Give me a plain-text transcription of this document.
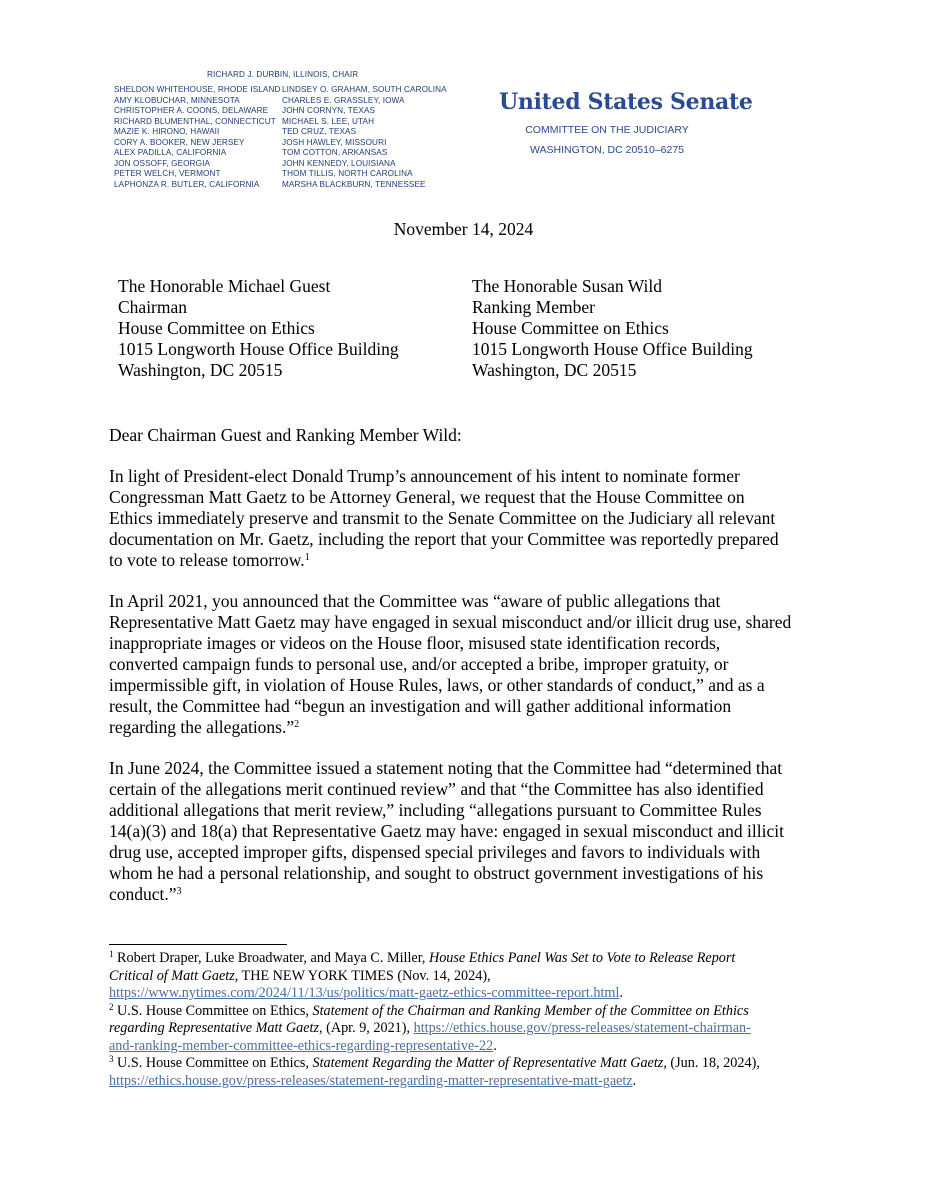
RICHARD J. DURBIN, ILLINOIS, CHAIR
SHELDON WHITEHOUSE, RHODE ISLAND
AMY KLOBUCHAR, MINNESOTA
CHRISTOPHER A. COONS, DELAWARE
RICHARD BLUMENTHAL, CONNECTICUT
MAZIE K. HIRONO, HAWAII
CORY A. BOOKER, NEW JERSEY
ALEX PADILLA, CALIFORNIA
JON OSSOFF, GEORGIA
PETER WELCH, VERMONT
LAPHONZA R. BUTLER, CALIFORNIA
LINDSEY O. GRAHAM, SOUTH CAROLINA
CHARLES E. GRASSLEY, IOWA
JOHN CORNYN, TEXAS
MICHAEL S. LEE, UTAH
TED CRUZ, TEXAS
JOSH HAWLEY, MISSOURI
TOM COTTON, ARKANSAS
JOHN KENNEDY, LOUISIANA
THOM TILLIS, NORTH CAROLINA
MARSHA BLACKBURN, TENNESSEE
United States Senate
COMMITTEE ON THE JUDICIARY
WASHINGTON, DC 20510–6275
November 14, 2024
The Honorable Michael Guest
Chairman
House Committee on Ethics
1015 Longworth House Office Building
Washington, DC 20515
The Honorable Susan Wild
Ranking Member
House Committee on Ethics
1015 Longworth House Office Building
Washington, DC 20515
Dear Chairman Guest and Ranking Member Wild:
In light of President-elect Donald Trump’s announcement of his intent to nominate former
Congressman Matt Gaetz to be Attorney General, we request that the House Committee on
Ethics immediately preserve and transmit to the Senate Committee on the Judiciary all relevant
documentation on Mr. Gaetz, including the report that your Committee was reportedly prepared
to vote to release tomorrow.$^1$
In April 2021, you announced that the Committee was “aware of public allegations that
Representative Matt Gaetz may have engaged in sexual misconduct and/or illicit drug use, shared
inappropriate images or videos on the House floor, misused state identification records,
converted campaign funds to personal use, and/or accepted a bribe, improper gratuity, or
impermissible gift, in violation of House Rules, laws, or other standards of conduct,” and as a
result, the Committee had “begun an investigation and will gather additional information
regarding the allegations.”$^2$
In June 2024, the Committee issued a statement noting that the Committee had “determined that
certain of the allegations merit continued review” and that “the Committee has also identified
additional allegations that merit review,” including “allegations pursuant to Committee Rules
14(a)(3) and 18(a) that Representative Gaetz may have: engaged in sexual misconduct and illicit
drug use, accepted improper gifts, dispensed special privileges and favors to individuals with
whom he had a personal relationship, and sought to obstruct government investigations of his
conduct.”$^3$

$^1$ Robert Draper, Luke Broadwater, and Maya C. Miller, House Ethics Panel Was Set to Vote to Release Report
Critical of Matt Gaetz, THE NEW YORK TIMES (Nov. 14, 2024),
https://www.nytimes.com/2024/11/13/us/politics/matt-gaetz-ethics-committee-report.html.

$^2$ U.S. House Committee on Ethics, Statement of the Chairman and Ranking Member of the Committee on Ethics
regarding Representative Matt Gaetz, (Apr. 9, 2021), https://ethics.house.gov/press-releases/statement-chairman-
and-ranking-member-committee-ethics-regarding-representative-22.

$^3$ U.S. House Committee on Ethics, Statement Regarding the Matter of Representative Matt Gaetz, (Jun. 18, 2024),
https://ethics.house.gov/press-releases/statement-regarding-matter-representative-matt-gaetz.
